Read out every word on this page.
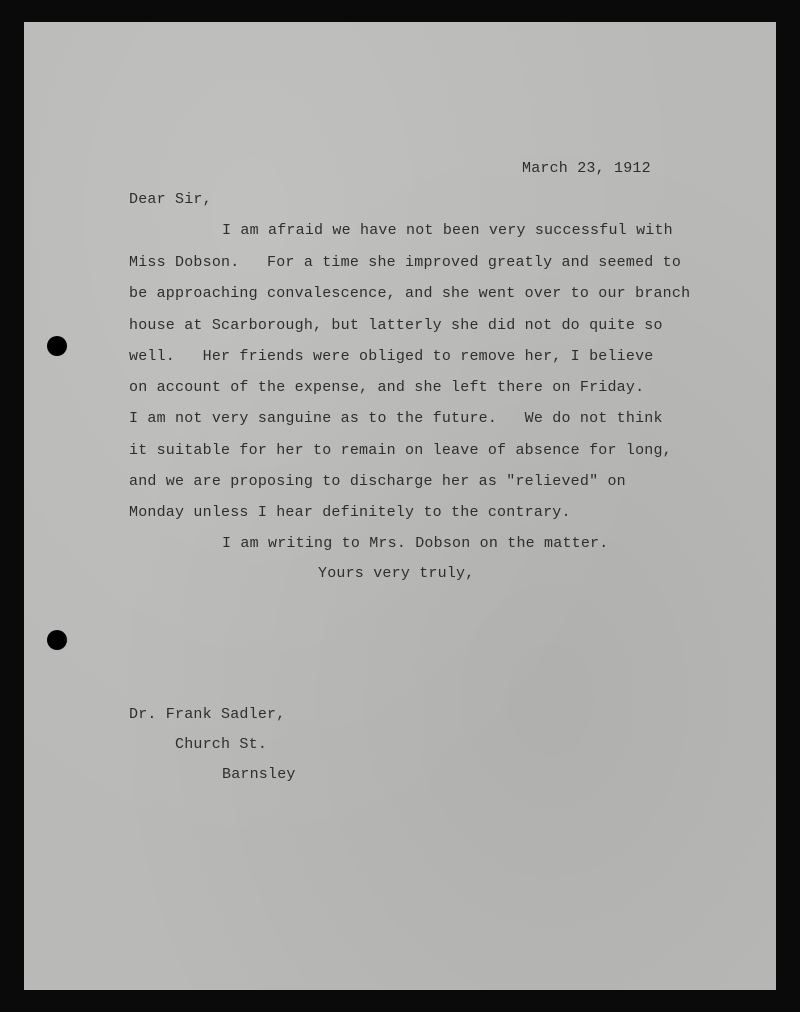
March 23, 1912
Dear Sir,
I am afraid we have not been very successful with
Miss Dobson.   For a time she improved greatly and seemed to
be approaching convalescence, and she went over to our branch
house at Scarborough, but latterly she did not do quite so
well.   Her friends were obliged to remove her, I believe
on account of the expense, and she left there on Friday.
I am not very sanguine as to the future.   We do not think
it suitable for her to remain on leave of absence for long,
and we are proposing to discharge her as "relieved" on
Monday unless I hear definitely to the contrary.
I am writing to Mrs. Dobson on the matter.
Yours very truly,
Dr. Frank Sadler,
Church St.
Barnsley
